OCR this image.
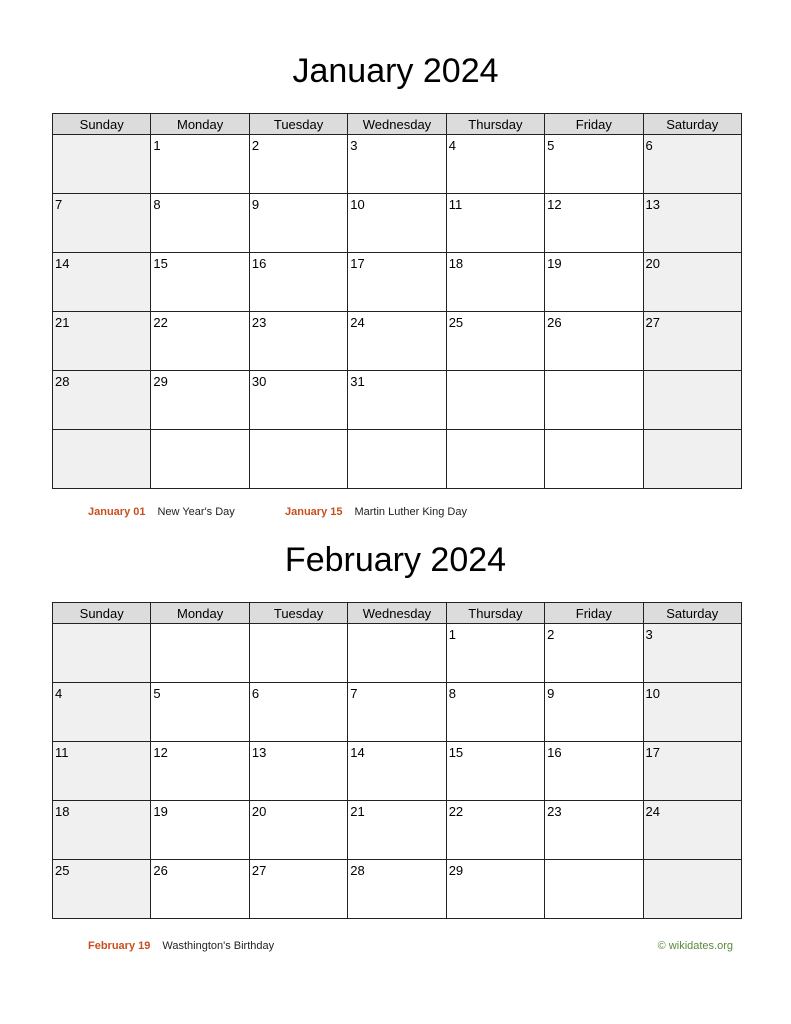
January 2024
Sunday	Monday	Tuesday	Wednesday	Thursday	Friday	Saturday

	1	2	3	4	5	6

7	8	9	10	11	12	13

14	15	16	17	18	19	20

21	22	23	24	25	26	27

28	29	30	31			

January 01 New Year's Day	January 15 Martin Luther King Day
February 2024
Sunday	Monday	Tuesday	Wednesday	Thursday	Friday	Saturday

				1	2	3

4	5	6	7	8	9	10

11	12	13	14	15	16	17

18	19	20	21	22	23	24

25	26	27	28	29		

February 19 Wasthington's Birthday	© wikidates.org
